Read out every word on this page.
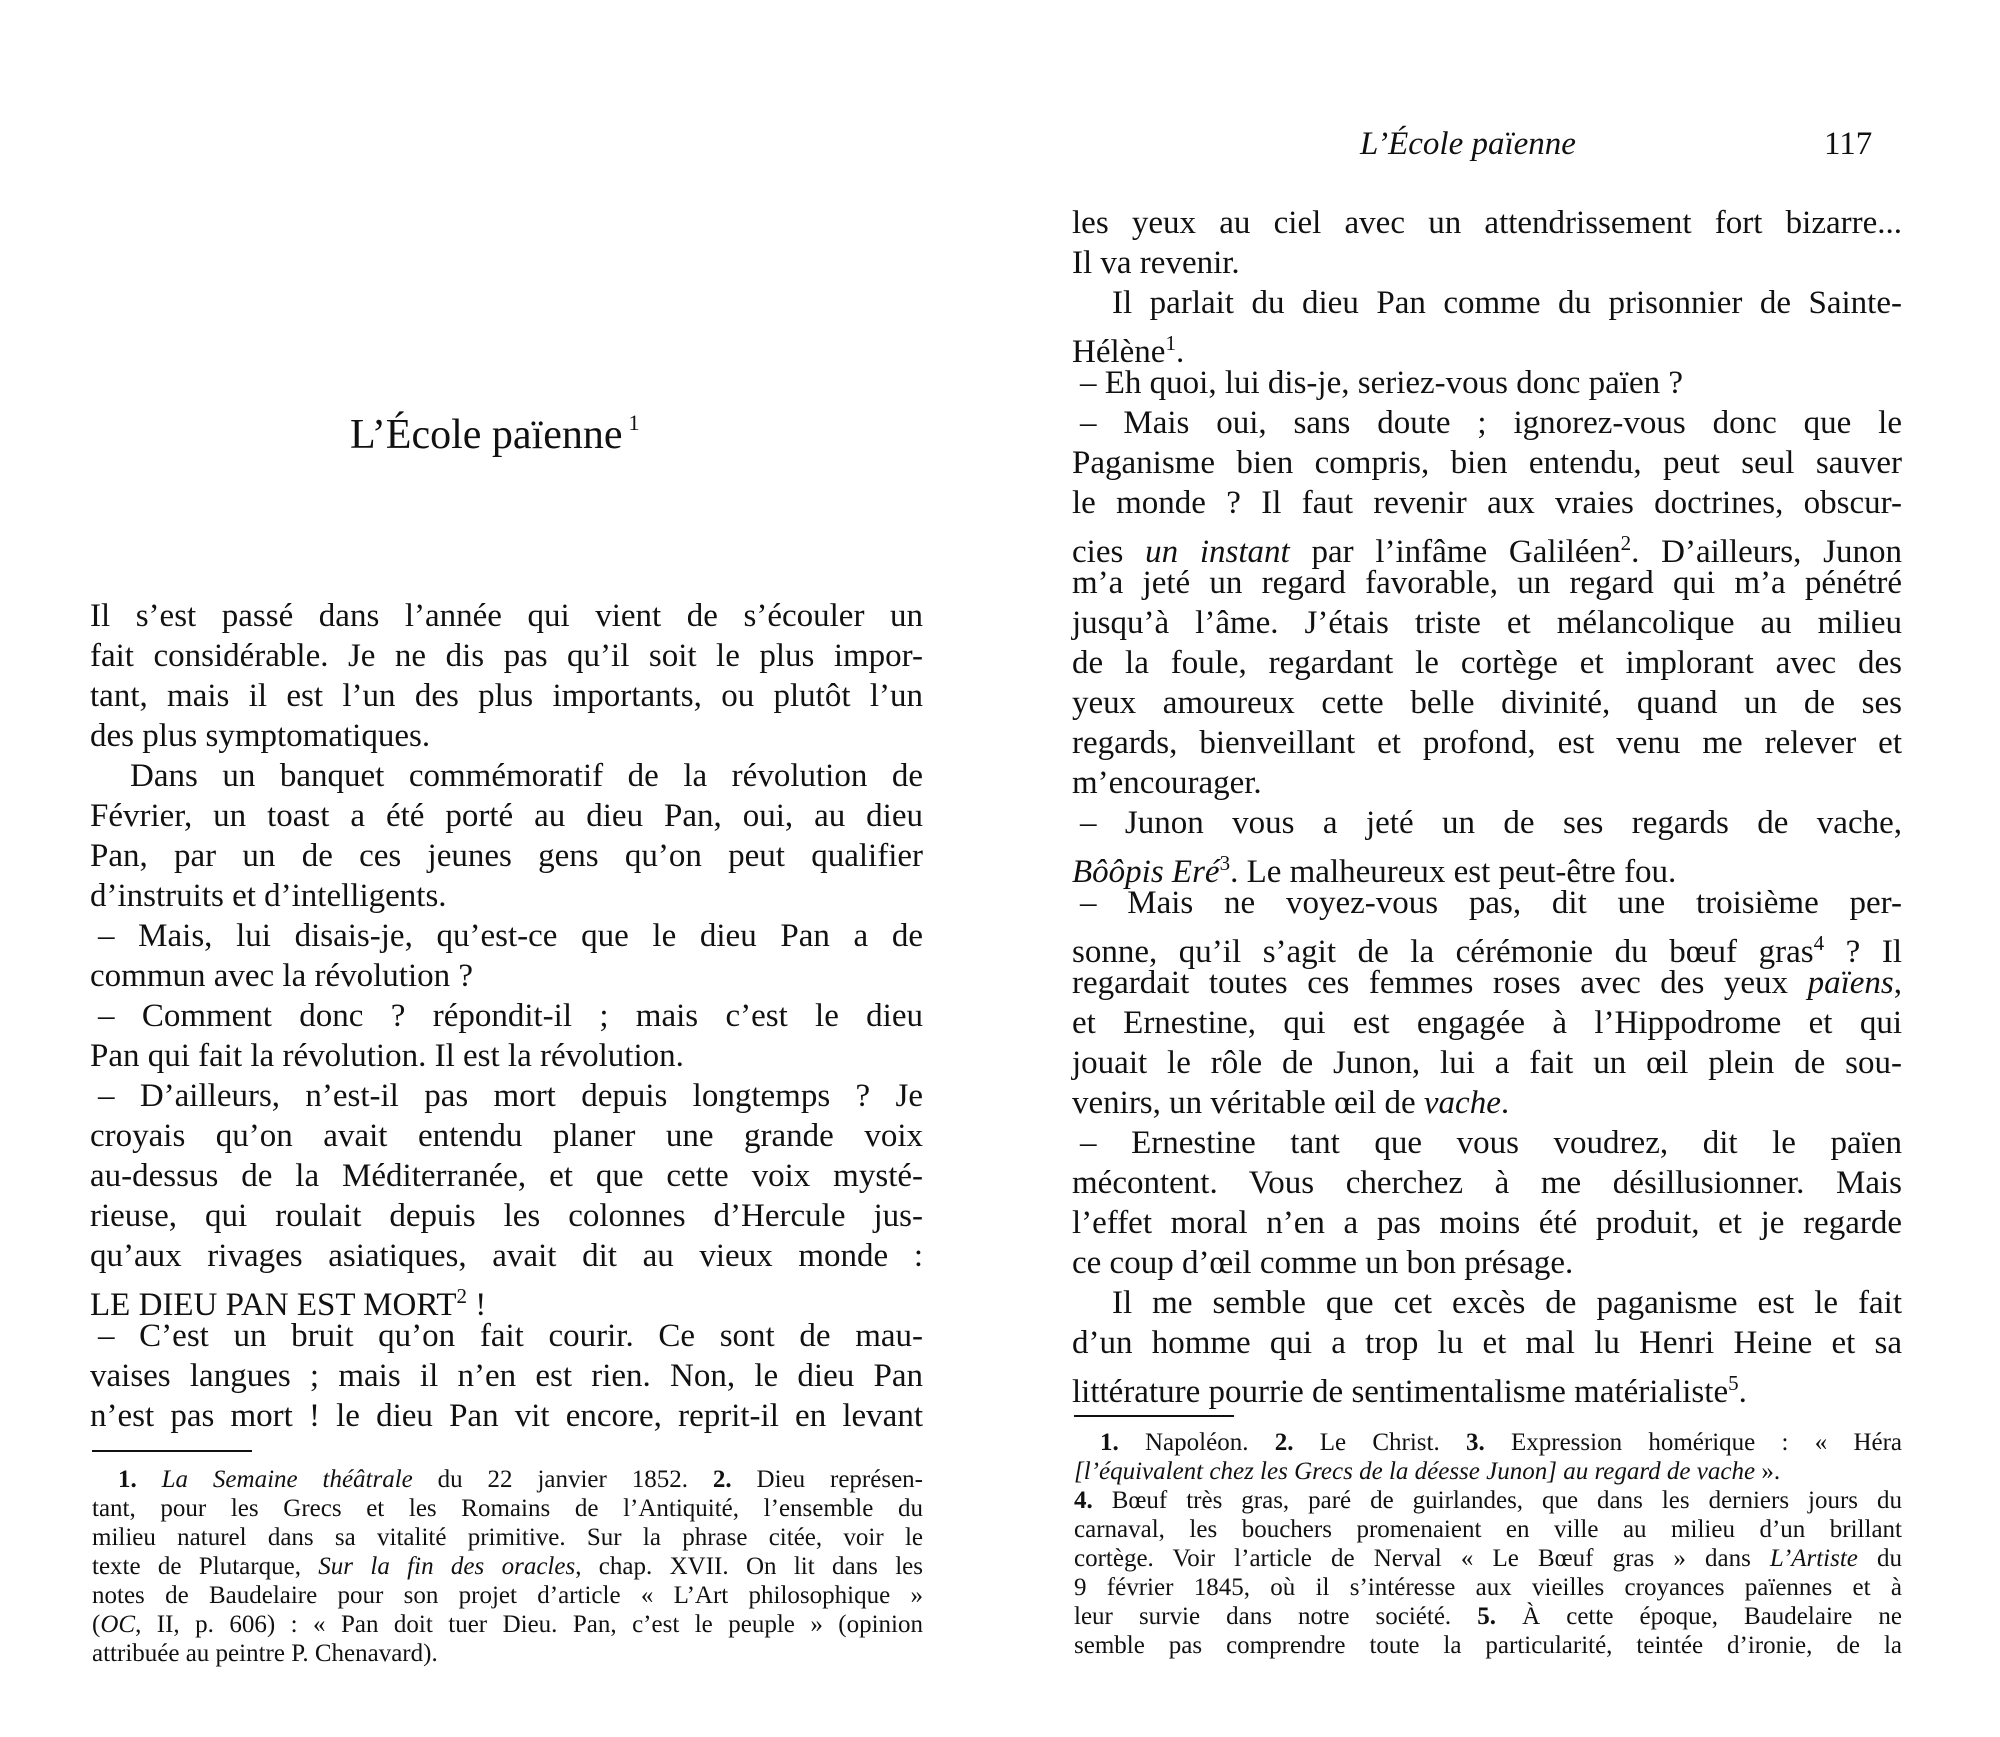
L’École païenne $^1$

Il s’est passé dans l’année qui vient de s’écouler un

fait considérable. Je ne dis pas qu’il soit le plus impor-

tant, mais il est l’un des plus importants, ou plutôt l’un

des plus symptomatiques.

Dans un banquet commémoratif de la révolution de

Février, un toast a été porté au dieu Pan, oui, au dieu

Pan, par un de ces jeunes gens qu’on peut qualifier

d’instruits et d’intelligents.

– Mais, lui disais-je, qu’est-ce que le dieu Pan a de

commun avec la révolution ?

– Comment donc ? répondit-il ; mais c’est le dieu

Pan qui fait la révolution. Il est la révolution.

– D’ailleurs, n’est-il pas mort depuis longtemps ? Je

croyais qu’on avait entendu planer une grande voix

au-dessus de la Méditerranée, et que cette voix mysté-

rieuse, qui roulait depuis les colonnes d’Hercule jus-

qu’aux rivages asiatiques, avait dit au vieux monde :

LE DIEU PAN EST MORT$^2$ !

– C’est un bruit qu’on fait courir. Ce sont de mau-

vaises langues ; mais il n’en est rien. Non, le dieu Pan

n’est pas mort ! le dieu Pan vit encore, reprit-il en levant

1. La Semaine théâtrale du 22 janvier 1852. 2. Dieu représen-

tant, pour les Grecs et les Romains de l’Antiquité, l’ensemble du

milieu naturel dans sa vitalité primitive. Sur la phrase citée, voir le

texte de Plutarque, Sur la fin des oracles, chap. XVII. On lit dans les

notes de Baudelaire pour son projet d’article « L’Art philosophique »

(OC, II, p. 606) : « Pan doit tuer Dieu. Pan, c’est le peuple » (opinion

attribuée au peintre P. Chenavard).

L’École païenne	117

les yeux au ciel avec un attendrissement fort bizarre...

Il va revenir.

Il parlait du dieu Pan comme du prisonnier de Sainte-

Hélène$^1$.

– Eh quoi, lui dis-je, seriez-vous donc païen ?

– Mais oui, sans doute ; ignorez-vous donc que le

Paganisme bien compris, bien entendu, peut seul sauver

le monde ? Il faut revenir aux vraies doctrines, obscur-

cies un instant par l’infâme Galiléen$^2$. D’ailleurs, Junon

m’a jeté un regard favorable, un regard qui m’a pénétré

jusqu’à l’âme. J’étais triste et mélancolique au milieu

de la foule, regardant le cortège et implorant avec des

yeux amoureux cette belle divinité, quand un de ses

regards, bienveillant et profond, est venu me relever et

m’encourager.

– Junon vous a jeté un de ses regards de vache,

Bôôpis Eré$^3$. Le malheureux est peut-être fou.

– Mais ne voyez-vous pas, dit une troisième per-

sonne, qu’il s’agit de la cérémonie du bœuf gras$^4$ ? Il

regardait toutes ces femmes roses avec des yeux païens,

et Ernestine, qui est engagée à l’Hippodrome et qui

jouait le rôle de Junon, lui a fait un œil plein de sou-

venirs, un véritable œil de vache.

– Ernestine tant que vous voudrez, dit le païen

mécontent. Vous cherchez à me désillusionner. Mais

l’effet moral n’en a pas moins été produit, et je regarde

ce coup d’œil comme un bon présage.

Il me semble que cet excès de paganisme est le fait

d’un homme qui a trop lu et mal lu Henri Heine et sa

littérature pourrie de sentimentalisme matérialiste$^5$.

1. Napoléon. 2. Le Christ. 3. Expression homérique : « Héra

[l’équivalent chez les Grecs de la déesse Junon] au regard de vache ».

4. Bœuf très gras, paré de guirlandes, que dans les derniers jours du

carnaval, les bouchers promenaient en ville au milieu d’un brillant

cortège. Voir l’article de Nerval « Le Bœuf gras » dans L’Artiste du

9 février 1845, où il s’intéresse aux vieilles croyances païennes et à

leur survie dans notre société. 5. À cette époque, Baudelaire ne

semble pas comprendre toute la particularité, teintée d’ironie, de la
